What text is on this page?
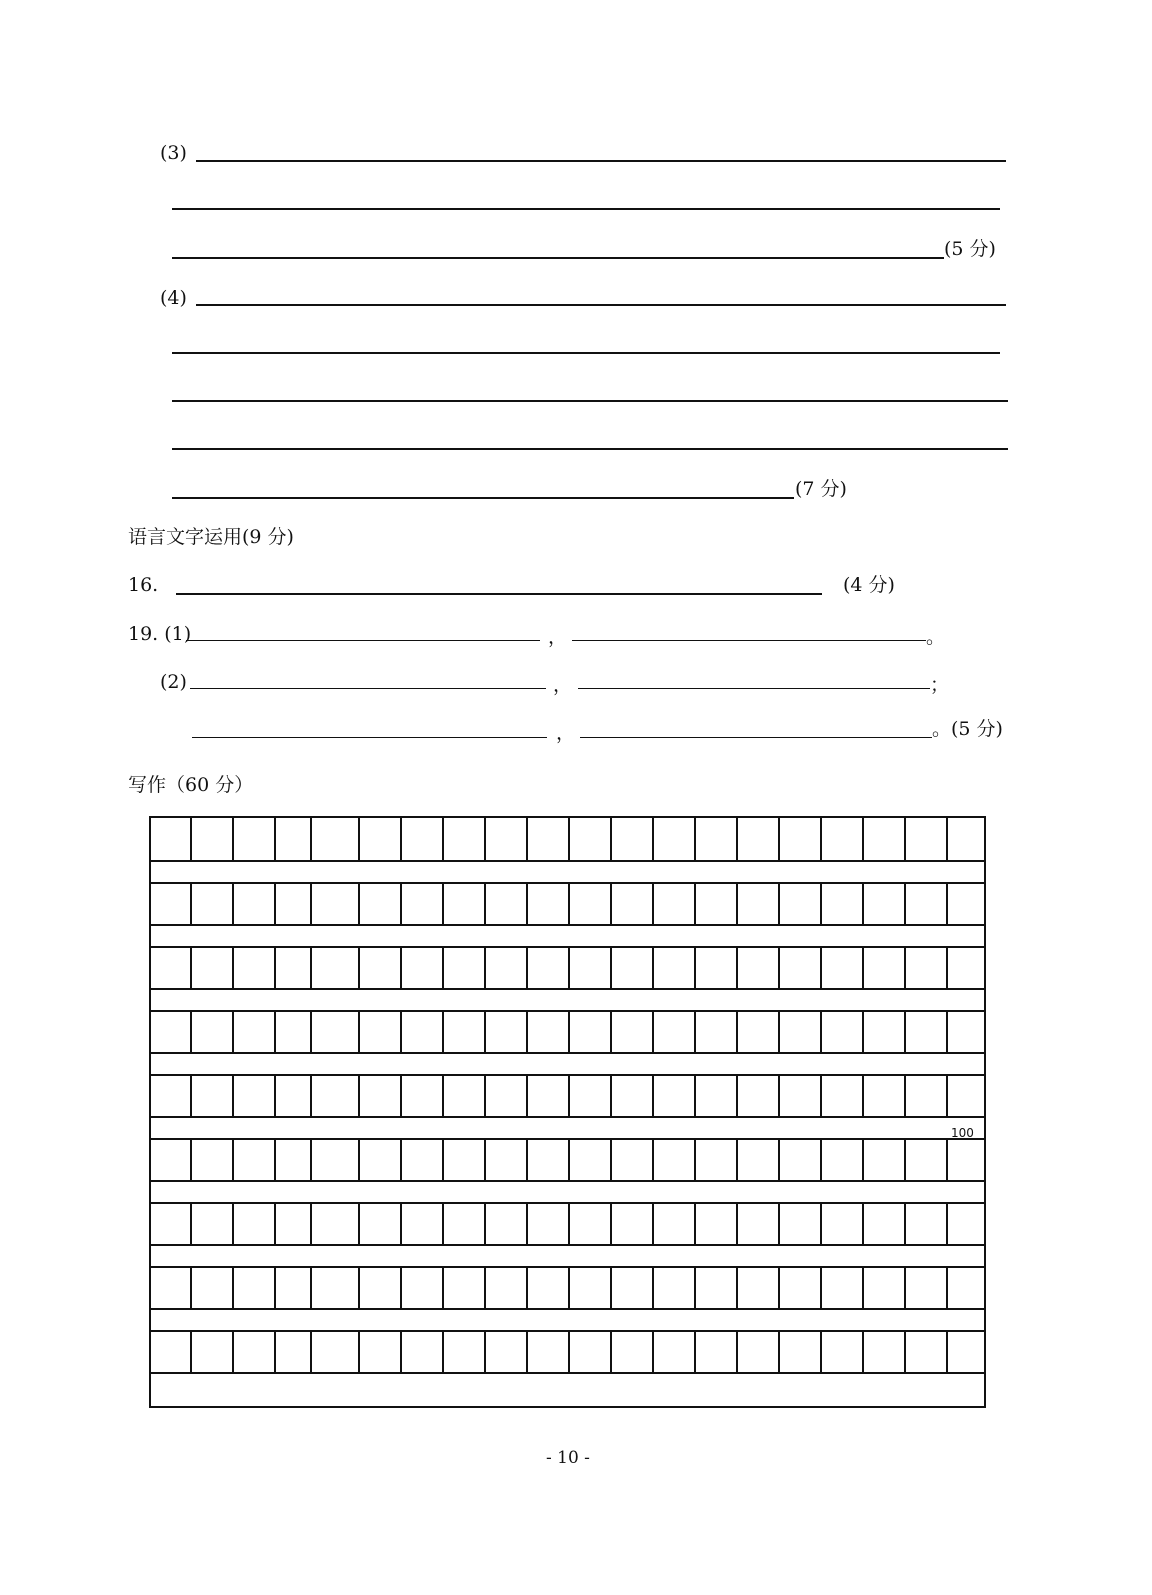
(3)
(5 分)
(4)
(7 分)
语言文字运用(9 分)
16.	(4 分)
19. (1)	，	。
(2)	，	；
，	。(5 分)
写作（60 分）
100
- 10 -
